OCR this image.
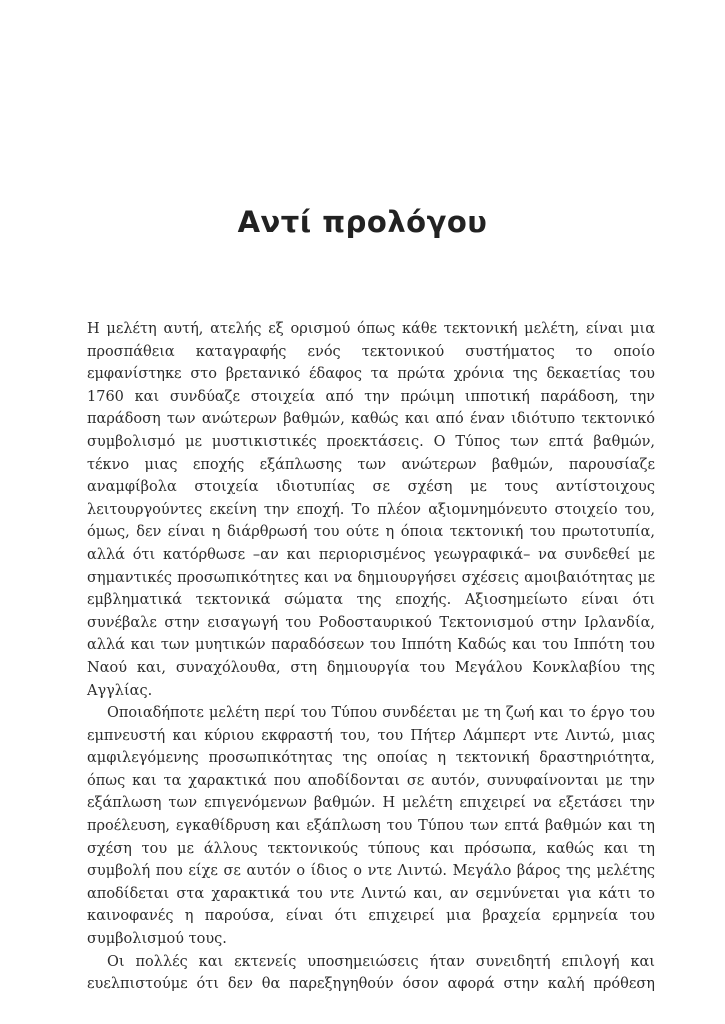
Αντί προλόγου

Η μελέτη αυτή, ατελής εξ ορισμού όπως κάθε τεκτονική μελέτη, είναι μια προσπάθεια καταγραφής ενός τεκτονικού συστήματος το οποίο εμφανίστηκε στο βρετανικό έδαφος τα πρώτα χρόνια της δεκαετίας του 1760 και συνδύαζε στοιχεία από την πρώιμη ιπποτική παράδοση, την παράδοση των ανώτερων βαθμών, καθώς και από έναν ιδιότυπο τεκτονικό συμβολισμό με μυστικιστικές προεκτάσεις. Ο Τύπος των επτά βαθμών, τέκνο μιας εποχής εξάπλωσης των ανώτερων βαθμών, παρουσίαζε αναμφίβολα στοιχεία ιδιοτυπίας σε σχέση με τους αντίστοιχους λειτουργούντες εκείνη την εποχή. Το πλέον αξιομνημόνευτο στοιχείο του, όμως, δεν είναι η διάρθρωσή του ούτε η όποια τεκτονική του πρωτοτυπία, αλλά ότι κατόρθωσε –αν και περιορισμένος γεωγραφικά– να συνδεθεί με σημαντικές προσωπικότητες και να δημιουργήσει σχέσεις αμοιβαιότητας με εμβληματικά τεκτονικά σώματα της εποχής. Αξιοσημείωτο είναι ότι συνέβαλε στην εισαγωγή του Ροδοσταυρικού Τεκτονισμού στην Ιρλανδία, αλλά και των μυητικών παραδόσεων του Ιππότη Καδώς και του Ιππότη του Ναού και, συναχόλουθα, στη δημιουργία του Μεγάλου Κονκλαβίου της Αγγλίας.

Οποιαδήποτε μελέτη περί του Τύπου συνδέεται με τη ζωή και το έργο του εμπνευστή και κύριου εκφραστή του, του Πήτερ Λάμπερτ ντε Λιντώ, μιας αμφιλεγόμενης προσωπικότητας της οποίας η τεκτονική δραστηριότητα, όπως και τα χαρακτικά που αποδίδονται σε αυτόν, συνυφαίνονται με την εξάπλωση των επιγενόμενων βαθμών. Η μελέτη επιχειρεί να εξετάσει την προέλευση, εγκαθίδρυση και εξάπλωση του Τύπου των επτά βαθμών και τη σχέση του με άλλους τεκτονικούς τύπους και πρόσωπα, καθώς και τη συμβολή που είχε σε αυτόν ο ίδιος ο ντε Λιντώ. Μεγάλο βάρος της μελέτης αποδίδεται στα χαρακτικά του ντε Λιντώ και, αν σεμνύνεται για κάτι το καινοφανές η παρούσα, είναι ότι επιχειρεί μια βραχεία ερμηνεία του συμβολισμού τους.

Οι πολλές και εκτενείς υποσημειώσεις ήταν συνειδητή επιλογή και ευελπιστούμε ότι δεν θα παρεξηγηθούν όσον αφορά στην καλή πρόθεση
